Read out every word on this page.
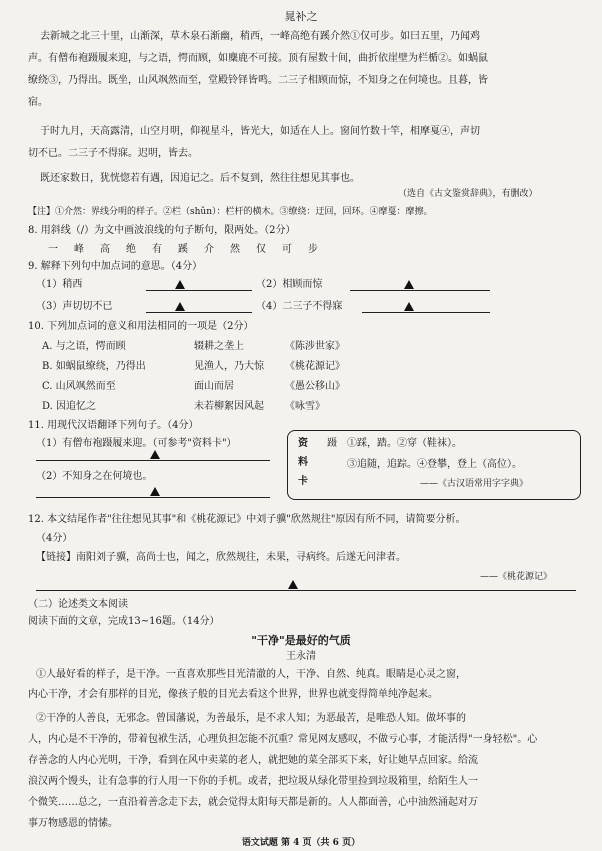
晁补之
去新城之北三十里，山渐深，草木泉石渐幽，稍西，一峰高绝有蹊介然①仅可步。如曰五里，乃闻鸡
声。有僧布袍蹑履来迎，与之语，愕而顾，如麋鹿不可接。顶有屋数十间，曲折依崖壁为栏楯②。如蜗鼠
缭绕③，乃得出。既坐，山风飒然而至，堂殿铃铎皆鸣。二三子相顾而惊，不知身之在何境也。且暮，皆
宿。
于时九月，天高露清，山空月明，仰视星斗，皆光大，如适在人上。窗间竹数十竿，相摩戛④，声切
切不已。二三子不得寐。迟明，皆去。
既还家数日，犹恍惚若有遇，因追记之。后不复到，然往往想见其事也。
（选自《古文鉴赏辞典》，有删改）
【注】①介然：界线分明的样子。②栏（shǔn）：栏杆的横木。③缭绕：迂回，回环。④摩戛：摩擦。
8. 用斜线（/）为文中画波浪线的句子断句，限两处。（2分）
一 峰 高 绝 有 蹊 介 然 仅 可 步
9. 解释下列句中加点词的意思。（4分）
（1）稍西	（2）相顾而惊
（3）声切切不已	（4）二三子不得寐
10. 下列加点词的意义和用法相同的一项是（2分）
A. 与之语，愕而顾	辍耕之垄上	《陈涉世家》
B. 如蜗鼠缭绕，乃得出	见渔人，乃大惊 《桃花源记》
C. 山风飒然而至	面山而居	《愚公移山》
D. 因追忆之	未若柳絮因风起 《咏雪》
11. 用现代汉语翻译下列句子。（4分）
（1）有僧布袍蹑履来迎。（可参考"资料卡"）
（2）不知身之在何境也。
资
料
卡
蹑　①踩，踏。②穿（鞋袜）。
　　③追随，追踪。④登攀，登上（高位）。
——《古汉语常用字字典》
12. 本文结尾作者"往往想见其事"和《桃花源记》中刘子骥"欣然规往"原因有所不同，请简要分析。
（4分）
【链接】南阳刘子骥，高尚士也，闻之，欣然规往，未果，寻病终。后遂无问津者。
——《桃花源记》
（二）论述类文本阅读
阅读下面的文章，完成13~16题。（14分）
"干净"是最好的气质
王永清
①人最好看的样子，是干净。一直喜欢那些目光清澈的人，干净、自然、纯真。眼睛是心灵之窗，
内心干净，才会有那样的目光，像孩子般的目光去看这个世界，世界也就变得简单纯净起来。
②干净的人善良，无邪念。曾国藩说，为善最乐，是不求人知；为恶最苦，是唯恐人知。做坏事的
人，内心是不干净的，带着包袱生活，心理负担怎能不沉重？常见网友感叹，不做亏心事，才能活得"一身轻松"。心
存善念的人内心光明，干净，看到在风中卖菜的老人，就把她的菜全部买下来，好让她早点回家。给流
浪汉两个馒头，让有急事的行人用一下你的手机。或者，把垃圾从绿化带里捡到垃圾箱里，给陌生人一
个微笑……总之，一直沿着善念走下去，就会觉得太阳每天都是新的。人人都面善，心中油然涌起对万
事万物感恩的情愫。
语文试题 第 4 页（共 6 页）
